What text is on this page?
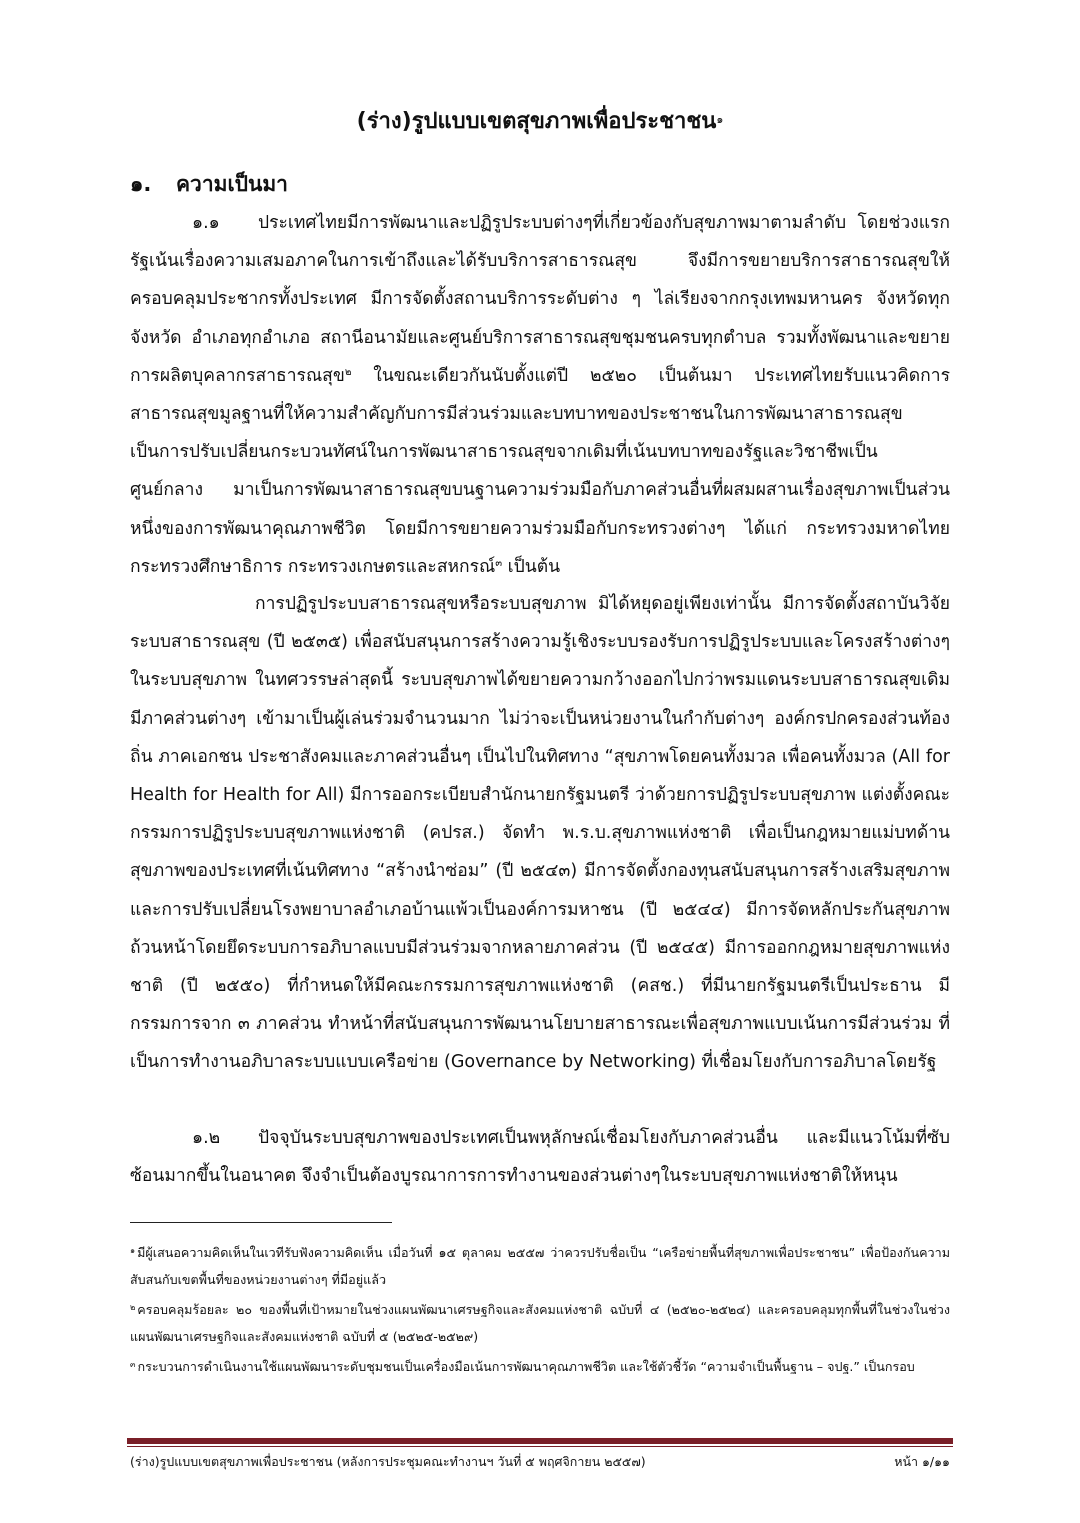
(ร่าง)รูปแบบเขตสุขภาพเพื่อประชาชน$^๑$
๑. ความเป็นมา

๑.๑ ประเทศไทยมีการพัฒนาและปฏิรูประบบต่างๆที่เกี่ยวข้องกับสุขภาพมาตามลำดับ โดยช่วงแรก รัฐเน้นเรื่องความเสมอภาคในการเข้าถึงและได้รับบริการสาธารณสุข จึงมีการขยายบริการสาธารณสุขให้ครอบคลุมประชากรทั้งประเทศ มีการจัดตั้งสถานบริการระดับต่าง ๆ ไล่เรียงจากกรุงเทพมหานคร จังหวัดทุกจังหวัด อำเภอทุกอำเภอ สถานีอนามัยและศูนย์บริการสาธารณสุขชุมชนครบทุกตำบล รวมทั้งพัฒนาและขยายการผลิตบุคลากรสาธารณสุข$^๒$ ในขณะเดียวกันนับตั้งแต่ปี ๒๕๒๐ เป็นต้นมา ประเทศไทยรับแนวคิดการสาธารณสุขมูลฐานที่ให้ความสำคัญกับการมีส่วนร่วมและบทบาทของประชาชนในการพัฒนาสาธารณสุข เป็นการปรับเปลี่ยนกระบวนทัศน์ในการพัฒนาสาธารณสุขจากเดิมที่เน้นบทบาทของรัฐและวิชาชีพเป็นศูนย์กลาง มาเป็นการพัฒนาสาธารณสุขบนฐานความร่วมมือกับภาคส่วนอื่นที่ผสมผสานเรื่องสุขภาพเป็นส่วนหนึ่งของการพัฒนาคุณภาพชีวิต โดยมีการขยายความร่วมมือกับกระทรวงต่างๆ ได้แก่ กระทรวงมหาดไทย กระทรวงศึกษาธิการ กระทรวงเกษตรและสหกรณ์$^๓$ เป็นต้น

การปฏิรูประบบสาธารณสุขหรือระบบสุขภาพ มิได้หยุดอยู่เพียงเท่านั้น มีการจัดตั้งสถาบันวิจัยระบบสาธารณสุข (ปี ๒๕๓๕) เพื่อสนับสนุนการสร้างความรู้เชิงระบบรองรับการปฏิรูประบบและโครงสร้างต่างๆในระบบสุขภาพ ในทศวรรษล่าสุดนี้ ระบบสุขภาพได้ขยายความกว้างออกไปกว่าพรมแดนระบบสาธารณสุขเดิม มีภาคส่วนต่างๆ เข้ามาเป็นผู้เล่นร่วมจำนวนมาก ไม่ว่าจะเป็นหน่วยงานในกำกับต่างๆ องค์กรปกครองส่วนท้องถิ่น ภาคเอกชน ประชาสังคมและภาคส่วนอื่นๆ เป็นไปในทิศทาง “สุขภาพโดยคนทั้งมวล เพื่อคนทั้งมวล (All for Health for Health for All) มีการออกระเบียบสำนักนายกรัฐมนตรี ว่าด้วยการปฏิรูประบบสุขภาพ แต่งตั้งคณะกรรมการปฏิรูประบบสุขภาพแห่งชาติ (คปรส.) จัดทำ พ.ร.บ.สุขภาพแห่งชาติ เพื่อเป็นกฎหมายแม่บทด้านสุขภาพของประเทศที่เน้นทิศทาง “สร้างนำซ่อม” (ปี ๒๕๔๓) มีการจัดตั้งกองทุนสนับสนุนการสร้างเสริมสุขภาพ และการปรับเปลี่ยนโรงพยาบาลอำเภอบ้านแพ้วเป็นองค์การมหาชน (ปี ๒๕๔๔) มีการจัดหลักประกันสุขภาพถ้วนหน้าโดยยึดระบบการอภิบาลแบบมีส่วนร่วมจากหลายภาคส่วน (ปี ๒๕๔๕) มีการออกกฎหมายสุขภาพแห่งชาติ (ปี ๒๕๕๐) ที่กำหนดให้มีคณะกรรมการสุขภาพแห่งชาติ (คสช.) ที่มีนายกรัฐมนตรีเป็นประธาน มีกรรมการจาก ๓ ภาคส่วน ทำหน้าที่สนับสนุนการพัฒนานโยบายสาธารณะเพื่อสุขภาพแบบเน้นการมีส่วนร่วม ที่เป็นการทำงานอภิบาลระบบแบบเครือข่าย (Governance by Networking) ที่เชื่อมโยงกับการอภิบาลโดยรัฐ

๑.๒ ปัจจุบันระบบสุขภาพของประเทศเป็นพหุลักษณ์เชื่อมโยงกับภาคส่วนอื่น และมีแนวโน้มที่ซับซ้อนมากขึ้นในอนาคต จึงจำเป็นต้องบูรณาการการทำงานของส่วนต่างๆในระบบสุขภาพแห่งชาติให้หนุน

$^๑$ มีผู้เสนอความคิดเห็นในเวทีรับฟังความคิดเห็น เมื่อวันที่ ๑๕ ตุลาคม ๒๕๕๗ ว่าควรปรับชื่อเป็น “เครือข่ายพื้นที่สุขภาพเพื่อประชาชน” เพื่อป้องกันความสับสนกับเขตพื้นที่ของหน่วยงานต่างๆ ที่มีอยู่แล้ว

$^๒$ ครอบคลุมร้อยละ ๒๐ ของพื้นที่เป้าหมายในช่วงแผนพัฒนาเศรษฐกิจและสังคมแห่งชาติ ฉบับที่ ๔ (๒๕๒๐-๒๕๒๔) และครอบคลุมทุกพื้นที่ในช่วงในช่วงแผนพัฒนาเศรษฐกิจและสังคมแห่งชาติ ฉบับที่ ๕ (๒๕๒๕-๒๕๒๙)

$^๓$ กระบวนการดำเนินงานใช้แผนพัฒนาระดับชุมชนเป็นเครื่องมือเน้นการพัฒนาคุณภาพชีวิต และใช้ตัวชี้วัด “ความจำเป็นพื้นฐาน – จปฐ.” เป็นกรอบ

(ร่าง)รูปแบบเขตสุขภาพเพื่อประชาชน (หลังการประชุมคณะทำงานฯ วันที่ ๕ พฤศจิกายน ๒๕๕๗)	หน้า ๑/๑๑
